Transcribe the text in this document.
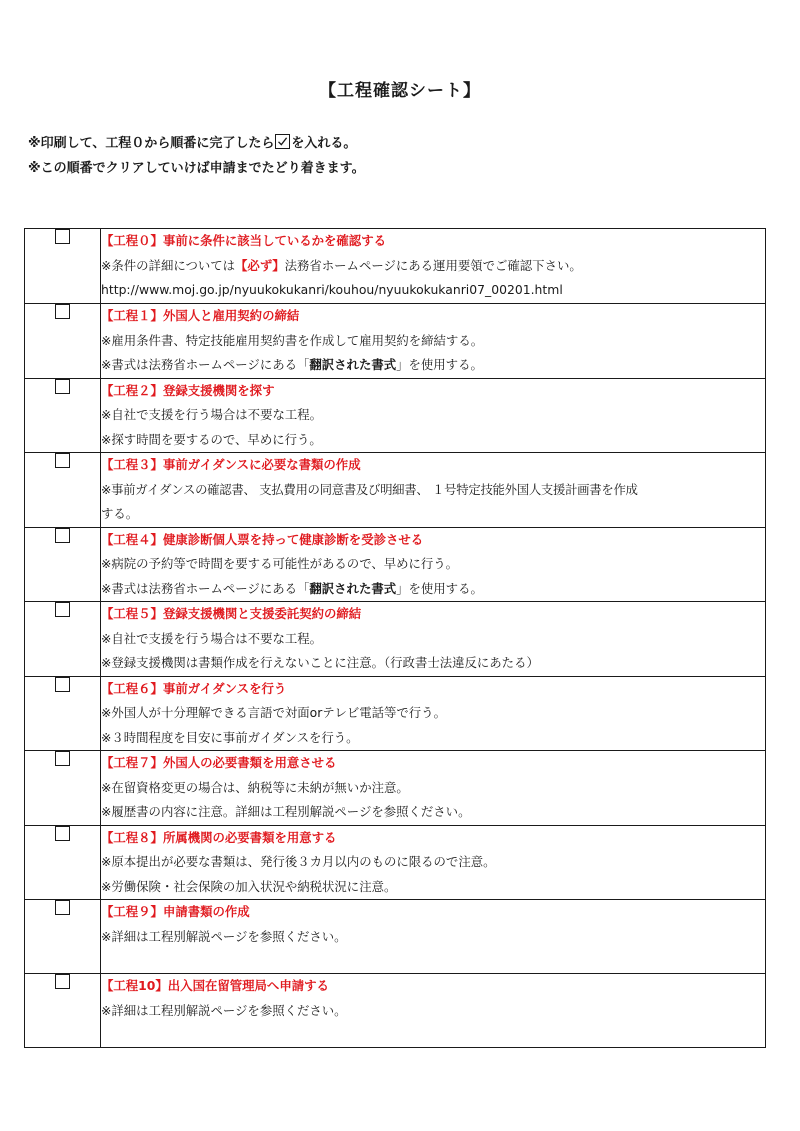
【工程確認シート】
※印刷して、工程０から順番に完了したら を入れる。
※この順番でクリアしていけば申請までたどり着きます。

	【工程０】事前に条件に該当しているかを確認する
※条件の詳細については【必ず】法務省ホームページにある運用要領でご確認下さい。
http://www.moj.go.jp/nyuukokukanri/kouhou/nyuukokukanri07_00201.html

	【工程１】外国人と雇用契約の締結
※雇用条件書、特定技能雇用契約書を作成して雇用契約を締結する。
※書式は法務省ホームページにある「翻訳された書式」を使用する。

	【工程２】登録支援機関を探す
※自社で支援を行う場合は不要な工程。
※探す時間を要するので、早めに行う。

	【工程３】事前ガイダンスに必要な書類の作成
※事前ガイダンスの確認書、 支払費用の同意書及び明細書、 １号特定技能外国人支援計画書を作成
する。

	【工程４】健康診断個人票を持って健康診断を受診させる
※病院の予約等で時間を要する可能性があるので、早めに行う。
※書式は法務省ホームページにある「翻訳された書式」を使用する。

	【工程５】登録支援機関と支援委託契約の締結
※自社で支援を行う場合は不要な工程。
※登録支援機関は書類作成を行えないことに注意。（行政書士法違反にあたる）

	【工程６】事前ガイダンスを行う
※外国人が十分理解できる言語で対面orテレビ電話等で行う。
※３時間程度を目安に事前ガイダンスを行う。

	【工程７】外国人の必要書類を用意させる
※在留資格変更の場合は、納税等に未納が無いか注意。
※履歴書の内容に注意。詳細は工程別解説ページを参照ください。

	【工程８】所属機関の必要書類を用意する
※原本提出が必要な書類は、発行後３カ月以内のものに限るので注意。
※労働保険・社会保険の加入状況や納税状況に注意。

	【工程９】申請書類の作成
※詳細は工程別解説ページを参照ください。

	【工程10】出入国在留管理局へ申請する
※詳細は工程別解説ページを参照ください。
